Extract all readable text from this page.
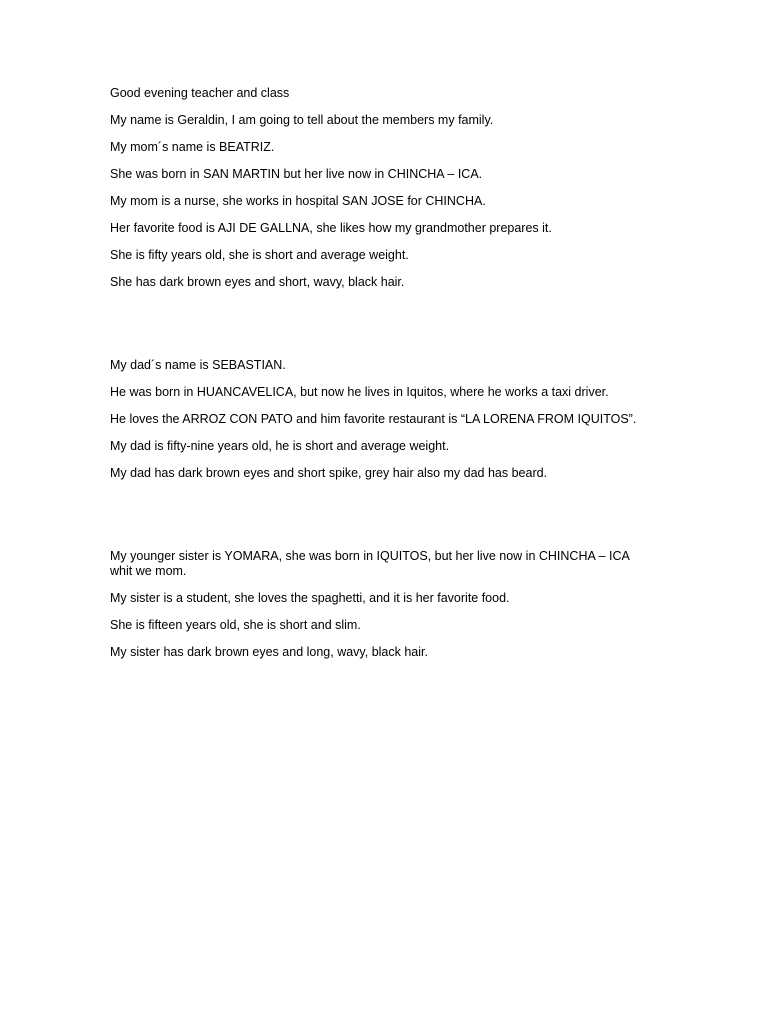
Good evening teacher and class

My name is Geraldin, I am going to tell about the members my family.

My mom´s name is BEATRIZ.

She was born in SAN MARTIN but her live now in CHINCHA – ICA.

My mom is a nurse, she works in hospital SAN JOSE for CHINCHA.

Her favorite food is AJI DE GALLNA, she likes how my grandmother prepares it.

She is fifty years old, she is short and average weight.

She has dark brown eyes and short, wavy, black hair.

My dad´s name is SEBASTIAN.

He was born in HUANCAVELICA, but now he lives in Iquitos, where he works a taxi driver.

He loves the ARROZ CON PATO and him favorite restaurant is “LA LORENA FROM IQUITOS”.

My dad is fifty-nine years old, he is short and average weight.

My dad has dark brown eyes and short spike, grey hair also my dad has beard.

My younger sister is YOMARA, she was born in IQUITOS, but her live now in CHINCHA – ICA whit we mom.

My sister is a student, she loves the spaghetti, and it is her favorite food.

She is fifteen years old, she is short and slim.

My sister has dark brown eyes and long, wavy, black hair.
